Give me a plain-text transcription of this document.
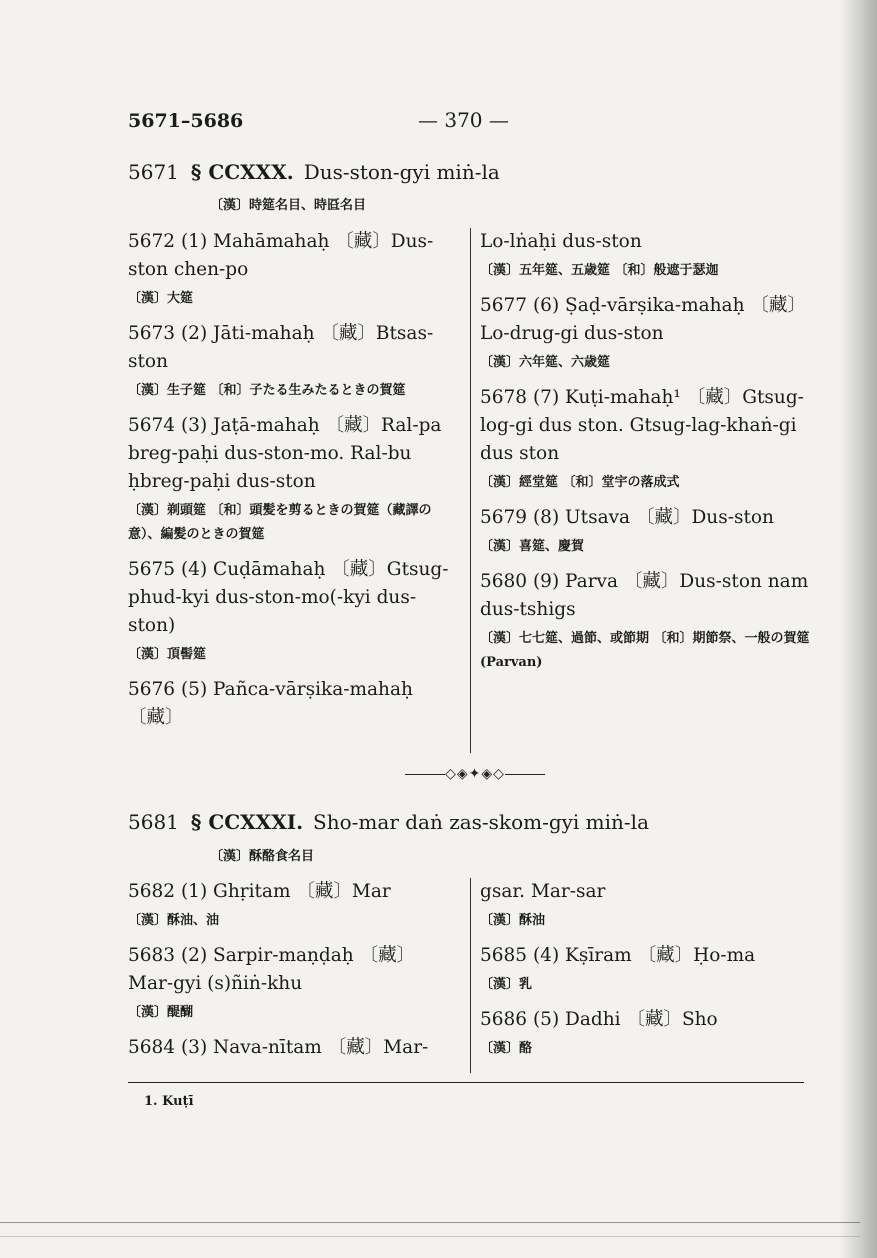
5671–5686	— 370 —
5671 § CCXXX. Dus-ston-gyi miṅ-la
〔漢〕時筵名目、時㔯名目
5672 (1) Mahāmahaḥ 〔藏〕Dus-ston chen-po
〔漢〕大筵
5673 (2) Jāti-mahaḥ 〔藏〕Btsas-ston
〔漢〕生子筵 〔和〕子たる生みたるときの賀筵
5674 (3) Jaṭā-mahaḥ 〔藏〕Ral-pa breg-paḥi dus-ston-mo. Ral-bu ḥbreg-paḥi dus-ston
〔漢〕剃頭筵 〔和〕頭髪を剪るときの賀筵（藏譯の意）、編髪のときの賀筵
5675 (4) Cuḍāmahaḥ 〔藏〕Gtsug-phud-kyi dus-ston-mo(-kyi dus-ston)
〔漢〕頂髻筵
5676 (5) Pañca-vārṣika-mahaḥ 〔藏〕
Lo-lṅaḥi dus-ston
〔漢〕五年筵、五歳筵 〔和〕般遮于瑟迦
5677 (6) Ṣaḍ-vārṣika-mahaḥ 〔藏〕Lo-drug-gi dus-ston
〔漢〕六年筵、六歳筵
5678 (7) Kuṭi-mahaḥ¹ 〔藏〕Gtsug-log-gi dus ston. Gtsug-lag-khaṅ-gi dus ston
〔漢〕經堂筵 〔和〕堂宇の落成式
5679 (8) Utsava 〔藏〕Dus-ston
〔漢〕喜筵、慶賀
5680 (9) Parva 〔藏〕Dus-ston nam dus-tshigs
〔漢〕七七筵、過節、或節期 〔和〕期節祭、一般の賀筵(Parvan)
◇◈✦◈◇
5681 § CCXXXI. Sho-mar daṅ zas-skom-gyi miṅ-la
〔漢〕酥酪食名目
5682 (1) Ghṛitam 〔藏〕Mar
〔漢〕酥油、油
5683 (2) Sarpir-maṇḍaḥ 〔藏〕Mar-gyi (s)ñiṅ-khu
〔漢〕醍醐
5684 (3) Nava-nītam 〔藏〕Mar-
gsar. Mar-sar
〔漢〕酥油
5685 (4) Kṣīram 〔藏〕Ḥo-ma
〔漢〕乳
5686 (5) Dadhi 〔藏〕Sho
〔漢〕酪
1. Kuṭī
